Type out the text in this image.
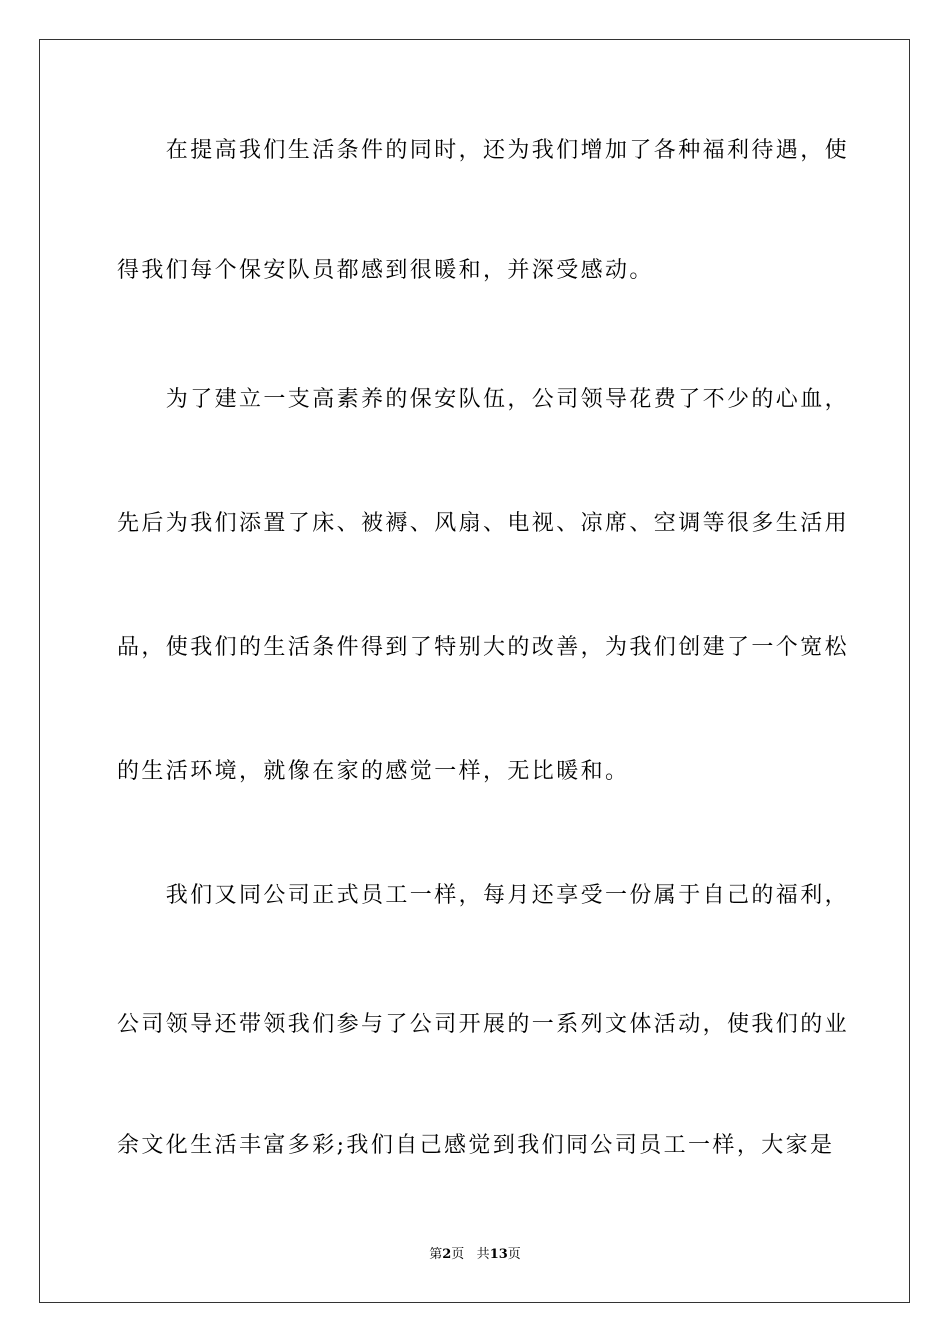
　　在提高我们生活条件的同时，还为我们增加了各种福利待遇，使
得我们每个保安队员都感到很暖和，并深受感动。
　　为了建立一支高素养的保安队伍，公司领导花费了不少的心血，
先后为我们添置了床、被褥、风扇、电视、凉席、空调等很多生活用
品，使我们的生活条件得到了特别大的改善，为我们创建了一个宽松
的生活环境，就像在家的感觉一样，无比暖和。
　　我们又同公司正式员工一样，每月还享受一份属于自己的福利，
公司领导还带领我们参与了公司开展的一系列文体活动，使我们的业
余文化生活丰富多彩;我们自己感觉到我们同公司员工一样，大家是
第2页 共13页
